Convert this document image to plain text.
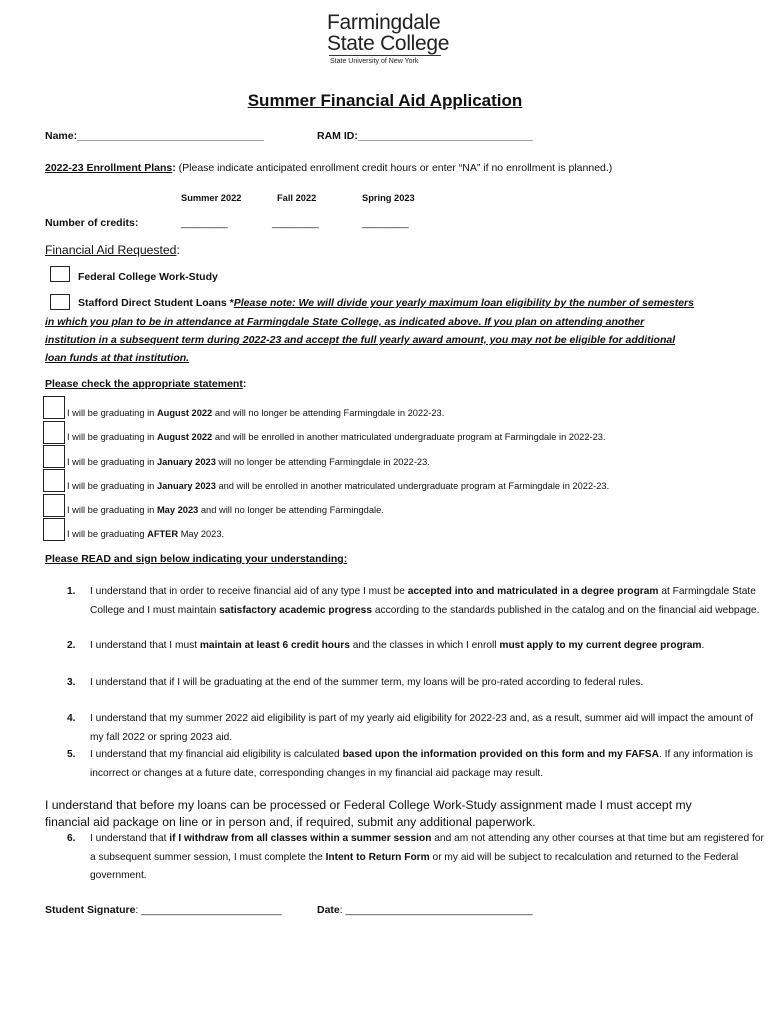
Farmingdale
State College
State University of New York
Summer Financial Aid Application
Name:________________________________	RAM ID:______________________________
2022-23 Enrollment Plans: (Please indicate anticipated enrollment credit hours or enter “NA” if no enrollment is planned.)
Summer 2022	Fall 2022	Spring 2023
Number of credits:	________	________	________
Financial Aid Requested:
Federal College Work-Study
Stafford Direct Student Loans *Please note: We will divide your yearly maximum loan eligibility by the number of semesters
in which you plan to be in attendance at Farmingdale State College, as indicated above. If you plan on attending another
institution in a subsequent term during 2022-23 and accept the full yearly award amount, you may not be eligible for additional
loan funds at that institution.
Please check the appropriate statement:
I will be graduating in August 2022 and will no longer be attending Farmingdale in 2022-23.
I will be graduating in August 2022 and will be enrolled in another matriculated undergraduate program at Farmingdale in 2022-23.
I will be graduating in January 2023 will no longer be attending Farmingdale in 2022-23.
I will be graduating in January 2023 and will be enrolled in another matriculated undergraduate program at Farmingdale in 2022-23.
I will be graduating in May 2023 and will no longer be attending Farmingdale.
I will be graduating AFTER May 2023.
Please READ and sign below indicating your understanding:
1. I understand that in order to receive financial aid of any type I must be accepted into and matriculated in a degree program at Farmingdale State College and I must maintain satisfactory academic progress according to the standards published in the catalog and on the financial aid webpage.
2. I understand that I must maintain at least 6 credit hours and the classes in which I enroll must apply to my current degree program.
3. I understand that if I will be graduating at the end of the summer term, my loans will be pro-rated according to federal rules.
4. I understand that my summer 2022 aid eligibility is part of my yearly aid eligibility for 2022-23 and, as a result, summer aid will impact the amount of my fall 2022 or spring 2023 aid.
5. I understand that my financial aid eligibility is calculated based upon the information provided on this form and my FAFSA. If any information is incorrect or changes at a future date, corresponding changes in my financial aid package may result.
I understand that before my loans can be processed or Federal College Work-Study assignment made I must accept my financial aid package on line or in person and, if required, submit any additional paperwork.
6. I understand that if I withdraw from all classes within a summer session and am not attending any other courses at that time but am registered for a subsequent summer session, I must complete the Intent to Return Form or my aid will be subject to recalculation and returned to the Federal government.
Student Signature: ________________________	Date: ________________________________
